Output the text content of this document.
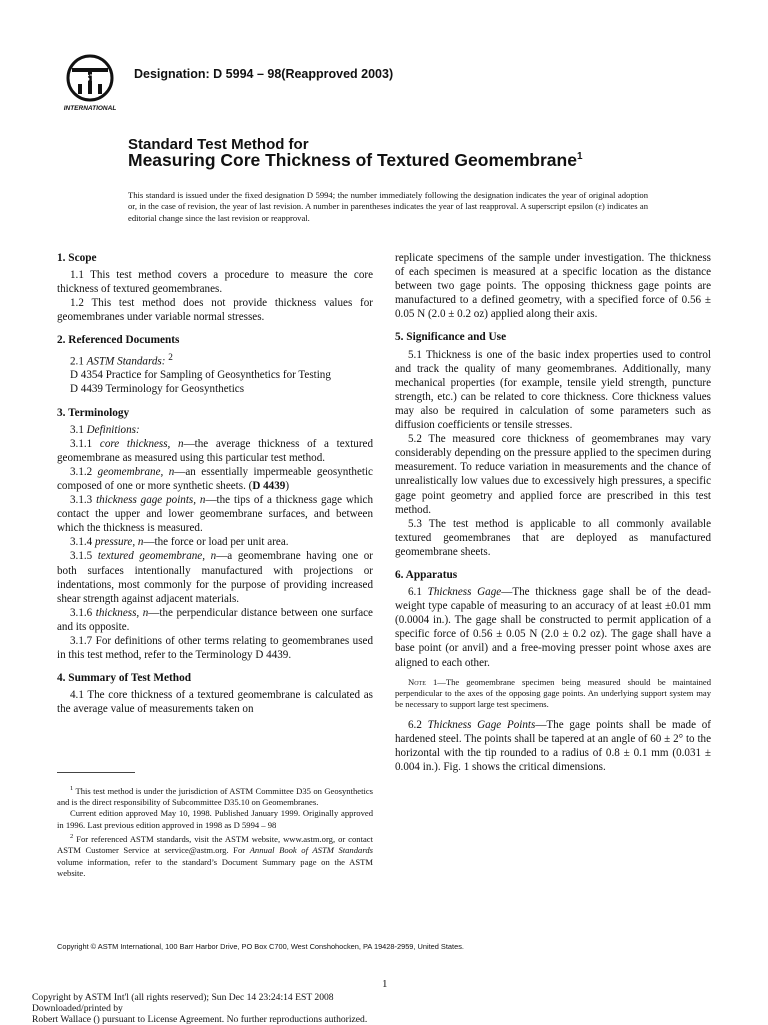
ASTM
INTERNATIONAL
Designation: D 5994 – 98(Reapproved 2003)
Standard Test Method for
Measuring Core Thickness of Textured Geomembrane$^1$
This standard is issued under the fixed designation D 5994; the number immediately following the designation indicates the year of original adoption or, in the case of revision, the year of last revision. A number in parentheses indicates the year of last reapproval. A superscript epsilon (ε) indicates an editorial change since the last revision or reapproval.
1. Scope

1.1 This test method covers a procedure to measure the core thickness of textured geomembranes.

1.2 This test method does not provide thickness values for geomembranes under variable normal stresses.

2. Referenced Documents

2.1 ASTM Standards: $^2$

D 4354 Practice for Sampling of Geosynthetics for Testing

D 4439 Terminology for Geosynthetics

3. Terminology

3.1 Definitions:

3.1.1 core thickness, n—the average thickness of a textured geomembrane as measured using this particular test method.

3.1.2 geomembrane, n—an essentially impermeable geosynthetic composed of one or more synthetic sheets. (D 4439)

3.1.3 thickness gage points, n—the tips of a thickness gage which contact the upper and lower geomembrane surfaces, and between which the thickness is measured.

3.1.4 pressure, n—the force or load per unit area.

3.1.5 textured geomembrane, n—a geomembrane having one or both surfaces intentionally manufactured with projections or indentations, most commonly for the purpose of providing increased shear strength against adjacent materials.

3.1.6 thickness, n—the perpendicular distance between one surface and its opposite.

3.1.7 For definitions of other terms relating to geomembranes used in this test method, refer to the Terminology D 4439.

4. Summary of Test Method

4.1 The core thickness of a textured geomembrane is calculated as the average value of measurements taken on

$^1$ This test method is under the jurisdiction of ASTM Committee D35 on Geosynthetics and is the direct responsibility of Subcommittee D35.10 on Geomembranes.

Current edition approved May 10, 1998. Published January 1999. Originally approved in 1996. Last previous edition approved in 1998 as D 5994 – 98

$^2$ For referenced ASTM standards, visit the ASTM website, www.astm.org, or contact ASTM Customer Service at service@astm.org. For Annual Book of ASTM Standards volume information, refer to the standard’s Document Summary page on the ASTM website.

replicate specimens of the sample under investigation. The thickness of each specimen is measured at a specific location as the distance between two gage points. The opposing thickness gage points are manufactured to a defined geometry, with a specified force of 0.56 ± 0.05 N (2.0 ± 0.2 oz) applied along their axis.

5. Significance and Use

5.1 Thickness is one of the basic index properties used to control and track the quality of many geomembranes. Additionally, many mechanical properties (for example, tensile yield strength, puncture strength, etc.) can be related to core thickness. Core thickness values may also be required in calculation of some parameters such as diffusion coefficients or tensile stresses.

5.2 The measured core thickness of geomembranes may vary considerably depending on the pressure applied to the specimen during measurement. To reduce variation in measurements and the chance of unrealistically low values due to excessively high pressures, a specific gage point geometry and applied force are prescribed in this test method.

5.3 The test method is applicable to all commonly available textured geomembranes that are deployed as manufactured geomembrane sheets.

6. Apparatus

6.1 Thickness Gage—The thickness gage shall be of the dead-weight type capable of measuring to an accuracy of at least ±0.01 mm (0.0004 in.). The gage shall be constructed to permit application of a specific force of 0.56 ± 0.05 N (2.0 ± 0.2 oz). The gage shall have a base point (or anvil) and a free-moving presser point whose axes are aligned to each other.

Note 1—The geomembrane specimen being measured should be maintained perpendicular to the axes of the opposing gage points. An underlying support system may be necessary to support large test specimens.

6.2 Thickness Gage Points—The gage points shall be made of hardened steel. The points shall be tapered at an angle of 60 ± 2° to the horizontal with the tip rounded to a radius of 0.8 ± 0.1 mm (0.031 ± 0.004 in.). Fig. 1 shows the critical dimensions.

Copyright © ASTM International, 100 Barr Harbor Drive, PO Box C700, West Conshohocken, PA 19428-2959, United States.
1
Copyright by ASTM Int'l (all rights reserved); Sun Dec 14 23:24:14 EST 2008
Downloaded/printed by
Robert Wallace () pursuant to License Agreement. No further reproductions authorized.
